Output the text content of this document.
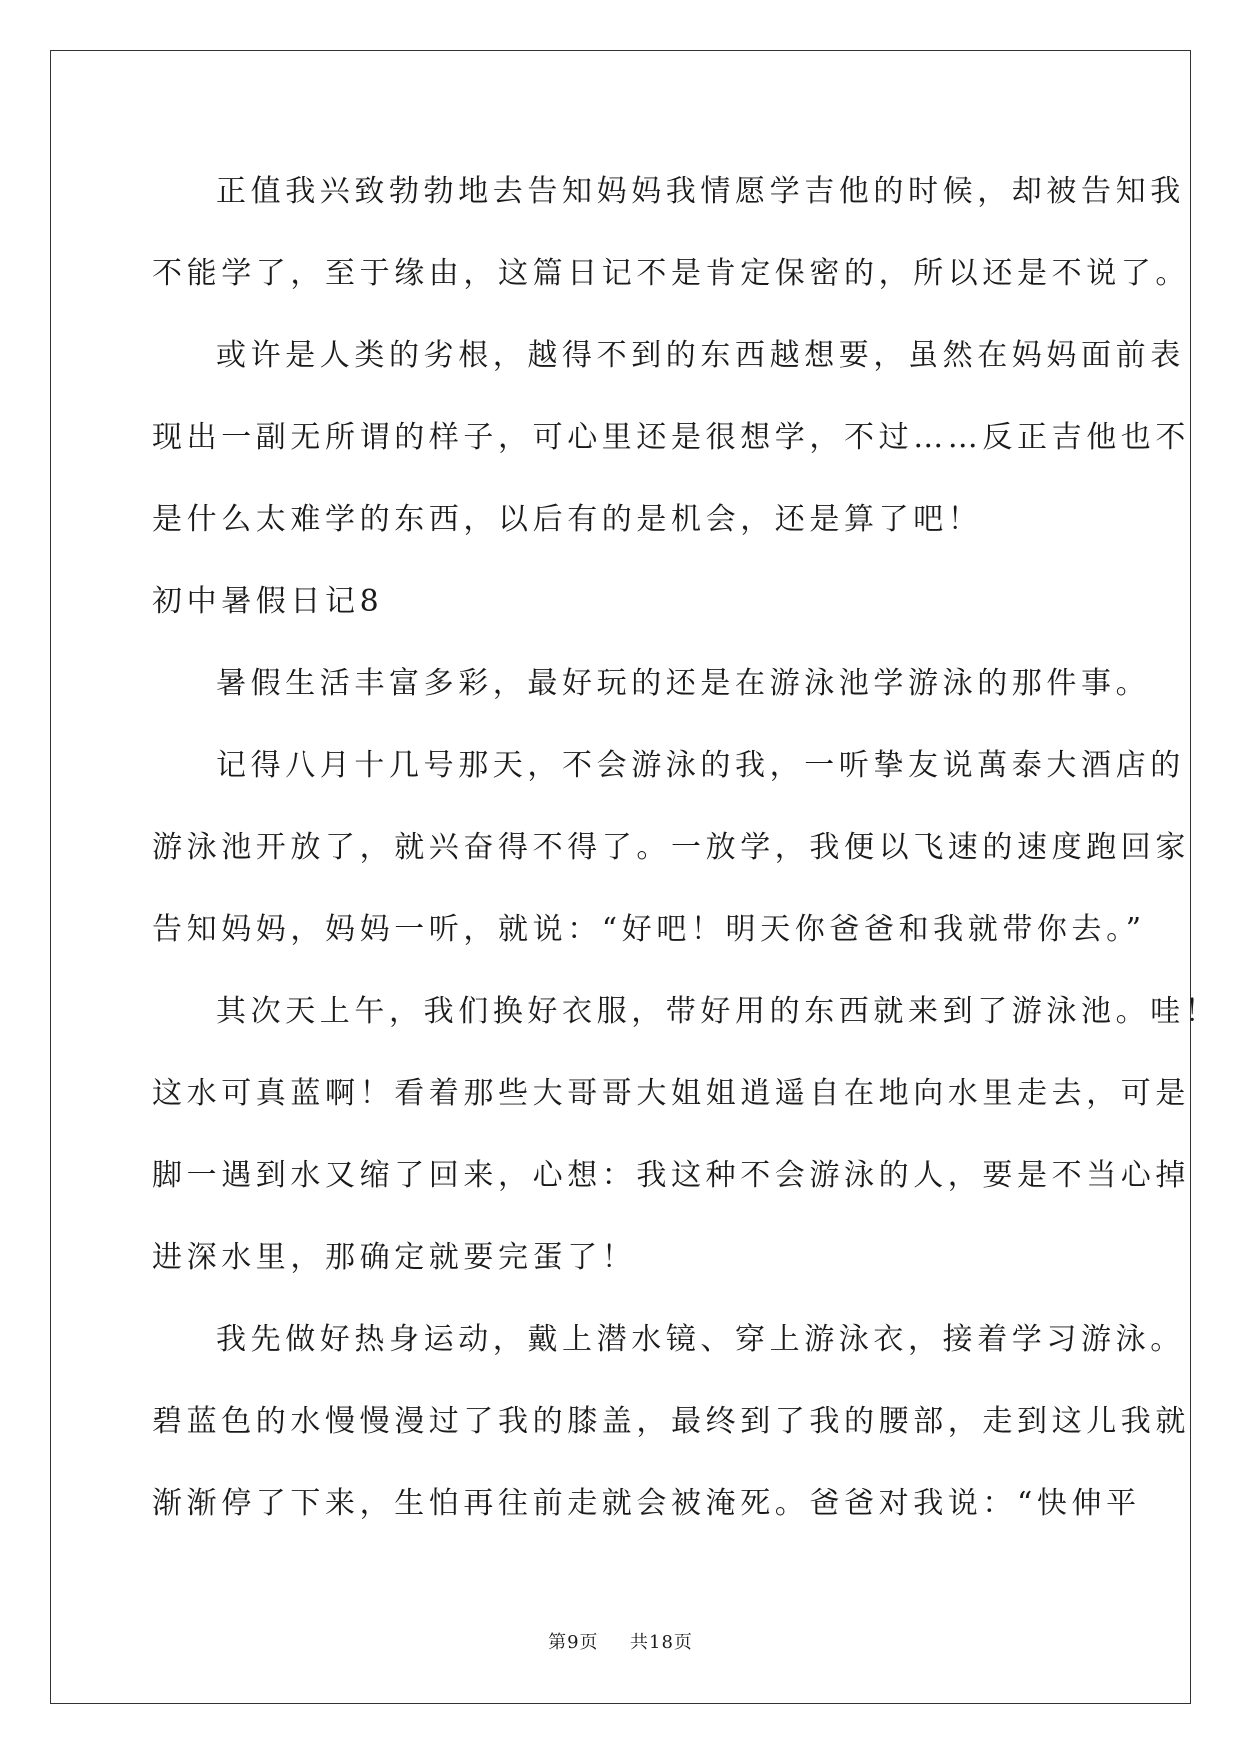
正值我兴致勃勃地去告知妈妈我情愿学吉他的时候，却被告知我
不能学了，至于缘由，这篇日记不是肯定保密的，所以还是不说了。
或许是人类的劣根，越得不到的东西越想要，虽然在妈妈面前表
现出一副无所谓的样子，可心里还是很想学，不过……反正吉他也不
是什么太难学的东西，以后有的是机会，还是算了吧！
初中暑假日记8
暑假生活丰富多彩，最好玩的还是在游泳池学游泳的那件事。
记得八月十几号那天，不会游泳的我，一听挚友说萬泰大酒店的
游泳池开放了，就兴奋得不得了。一放学，我便以飞速的速度跑回家
告知妈妈，妈妈一听，就说：“好吧！明天你爸爸和我就带你去。”
其次天上午，我们换好衣服，带好用的东西就来到了游泳池。哇！
这水可真蓝啊！看着那些大哥哥大姐姐逍遥自在地向水里走去，可是
脚一遇到水又缩了回来，心想：我这种不会游泳的人，要是不当心掉
进深水里，那确定就要完蛋了！
我先做好热身运动，戴上潜水镜、穿上游泳衣，接着学习游泳。
碧蓝色的水慢慢漫过了我的膝盖，最终到了我的腰部，走到这儿我就
渐渐停了下来，生怕再往前走就会被淹死。爸爸对我说：“快伸平
第9页 共18页
